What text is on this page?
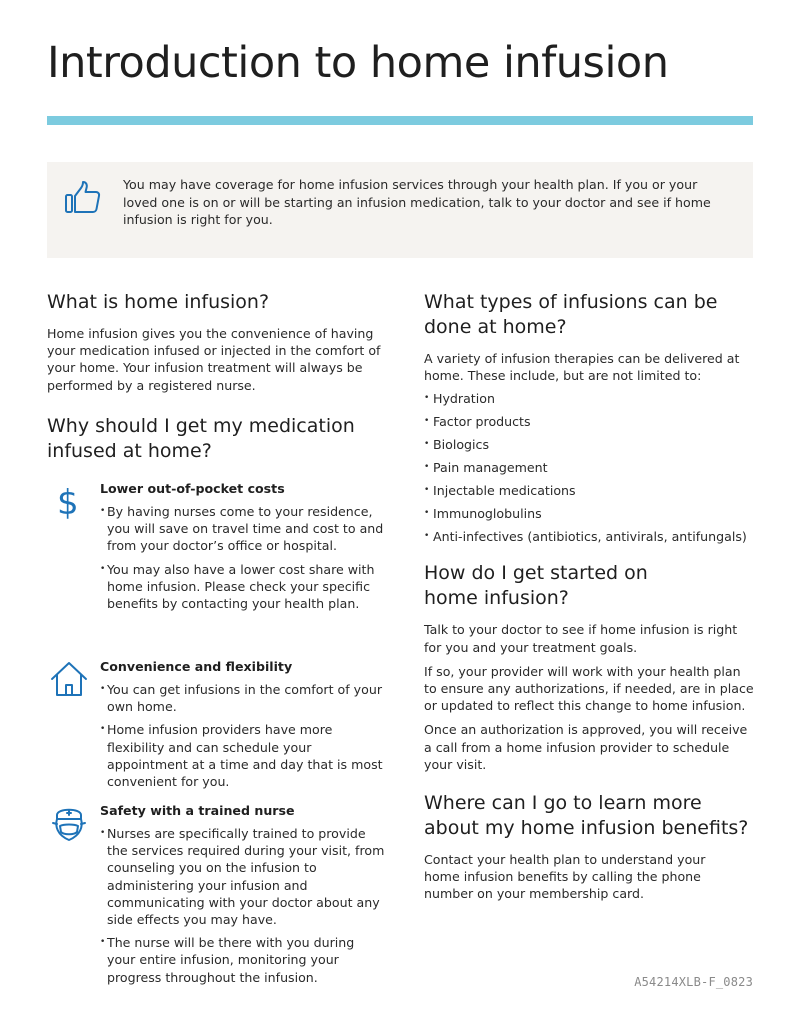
Introduction to home infusion

You may have coverage for home infusion services through your health plan. If you or your loved one is on or will be starting an infusion medication, talk to your doctor and see if home infusion is right for you.

What is home infusion?

Home infusion gives you the convenience of having your medication infused or injected in the comfort of your home. Your infusion treatment will always be performed by a registered nurse.

Why should I get my medication infused at home?
$ Lower out-of-pocket costs
• By having nurses come to your residence, you will save on travel time and cost to and from your doctor’s office or hospital.
• You may also have a lower cost share with home infusion. Please check your specific benefits by contacting your health plan.
Convenience and flexibility
• You can get infusions in the comfort of your own home.
• Home infusion providers have more flexibility and can schedule your appointment at a time and day that is most convenient for you.
Safety with a trained nurse
• Nurses are specifically trained to provide the services required during your visit, from counseling you on the infusion to administering your infusion and communicating with your doctor about any side effects you may have.
• The nurse will be there with you during your entire infusion, monitoring your progress throughout the infusion.
What types of infusions can be done at home?

A variety of infusion therapies can be delivered at home. These include, but are not limited to:

• Hydration
• Factor products
• Biologics
• Pain management
• Injectable medications
• Immunoglobulins
• Anti-infectives (antibiotics, antivirals, antifungals)
How do I get started on home infusion?

Talk to your doctor to see if home infusion is right for you and your treatment goals.

If so, your provider will work with your health plan to ensure any authorizations, if needed, are in place or updated to reflect this change to home infusion.

Once an authorization is approved, you will receive a call from a home infusion provider to schedule your visit.

Where can I go to learn more about my home infusion benefits?

Contact your health plan to understand your home infusion benefits by calling the phone number on your membership card.

A54214XLB-F_0823
